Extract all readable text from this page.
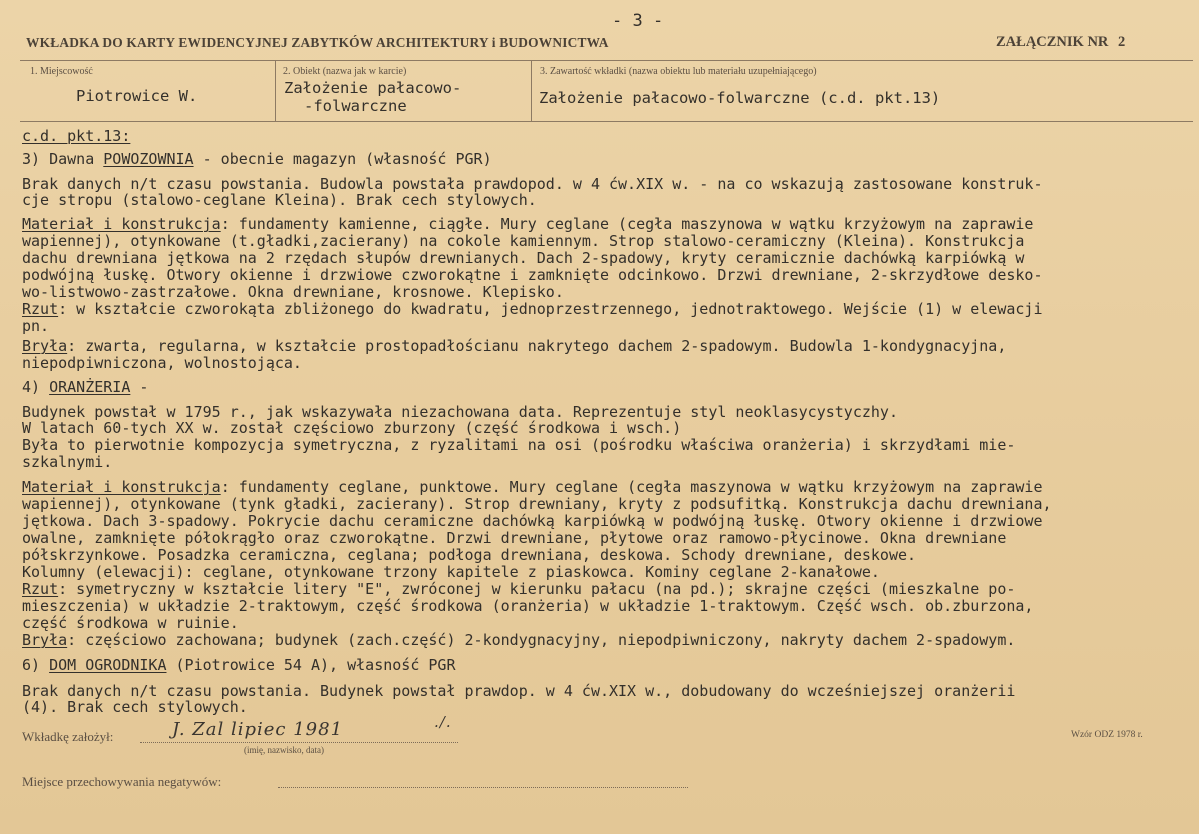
- 3 -
WKŁADKA DO KARTY EWIDENCYJNEJ ZABYTKÓW ARCHITEKTURY i BUDOWNICTWA	ZAŁĄCZNIK NR 2
1. Miejscowość
Piotrowice W.
2. Obiekt (nazwa jak w karcie)
Założenie pałacowo-
-folwarczne
3. Zawartość wkładki (nazwa obiektu lub materiału uzupełniającego)
Założenie pałacowo-folwarczne (c.d. pkt.13)
c.d. pkt.13:
3) Dawna POWOZOWNIA - obecnie magazyn (własność PGR)
Brak danych n/t czasu powstania. Budowla powstała prawdopod. w 4 ćw.XIX w. - na co wskazują zastosowane konstruk-
cje stropu (stalowo-ceglane Kleina). Brak cech stylowych.
Materiał i konstrukcja: fundamenty kamienne, ciągłe. Mury ceglane (cegła maszynowa w wątku krzyżowym na zaprawie
wapiennej), otynkowane (t.gładki,zacierany) na cokole kamiennym. Strop stalowo-ceramiczny (Kleina). Konstrukcja
dachu drewniana jętkowa na 2 rzędach słupów drewnianych. Dach 2-spadowy, kryty ceramicznie dachówką karpiówką w
podwójną łuskę. Otwory okienne i drzwiowe czworokątne i zamknięte odcinkowo. Drzwi drewniane, 2-skrzydłowe desko-
wo-listwowo-zastrzałowe. Okna drewniane, krosnowe. Klepisko.
Rzut: w kształcie czworokąta zbliżonego do kwadratu, jednoprzestrzennego, jednotraktowego. Wejście (1) w elewacji
pn.
Bryła: zwarta, regularna, w kształcie prostopadłościanu nakrytego dachem 2-spadowym. Budowla 1-kondygnacyjna,
niepodpiwniczona, wolnostojąca.
4) ORANŻERIA -
Budynek powstał w 1795 r., jak wskazywała niezachowana data. Reprezentuje styl neoklasycystyczhy.
W latach 60-tych XX w. został częściowo zburzony (część środkowa i wsch.)
Była to pierwotnie kompozycja symetryczna, z ryzalitami na osi (pośrodku właściwa oranżeria) i skrzydłami mie-
szkalnymi.
Materiał i konstrukcja: fundamenty ceglane, punktowe. Mury ceglane (cegła maszynowa w wątku krzyżowym na zaprawie
wapiennej), otynkowane (tynk gładki, zacierany). Strop drewniany, kryty z podsufitką. Konstrukcja dachu drewniana,
jętkowa. Dach 3-spadowy. Pokrycie dachu ceramiczne dachówką karpiówką w podwójną łuskę. Otwory okienne i drzwiowe
owalne, zamknięte półokrągło oraz czworokątne. Drzwi drewniane, płytowe oraz ramowo-płycinowe. Okna drewniane
półskrzynkowe. Posadzka ceramiczna, ceglana; podłoga drewniana, deskowa. Schody drewniane, deskowe.
Kolumny (elewacji): ceglane, otynkowane trzony kapitele z piaskowca. Kominy ceglane 2-kanałowe.
Rzut: symetryczny w kształcie litery "E", zwróconej w kierunku pałacu (na pd.); skrajne części (mieszkalne po-
mieszczenia) w układzie 2-traktowym, część środkowa (oranżeria) w układzie 1-traktowym. Część wsch. ob.zburzona,
część środkowa w ruinie.
Bryła: częściowo zachowana; budynek (zach.część) 2-kondygnacyjny, niepodpiwniczony, nakryty dachem 2-spadowym.
6) DOM OGRODNIKA (Piotrowice 54 A), własność PGR
Brak danych n/t czasu powstania. Budynek powstał prawdop. w 4 ćw.XIX w., dobudowany do wcześniejszej oranżerii
(4). Brak cech stylowych.
Wkładkę założył:	J. Zal lipiec 1981	./.
(imię, nazwisko, data)
Wzór ODZ 1978 r.
Miejsce przechowywania negatywów:
